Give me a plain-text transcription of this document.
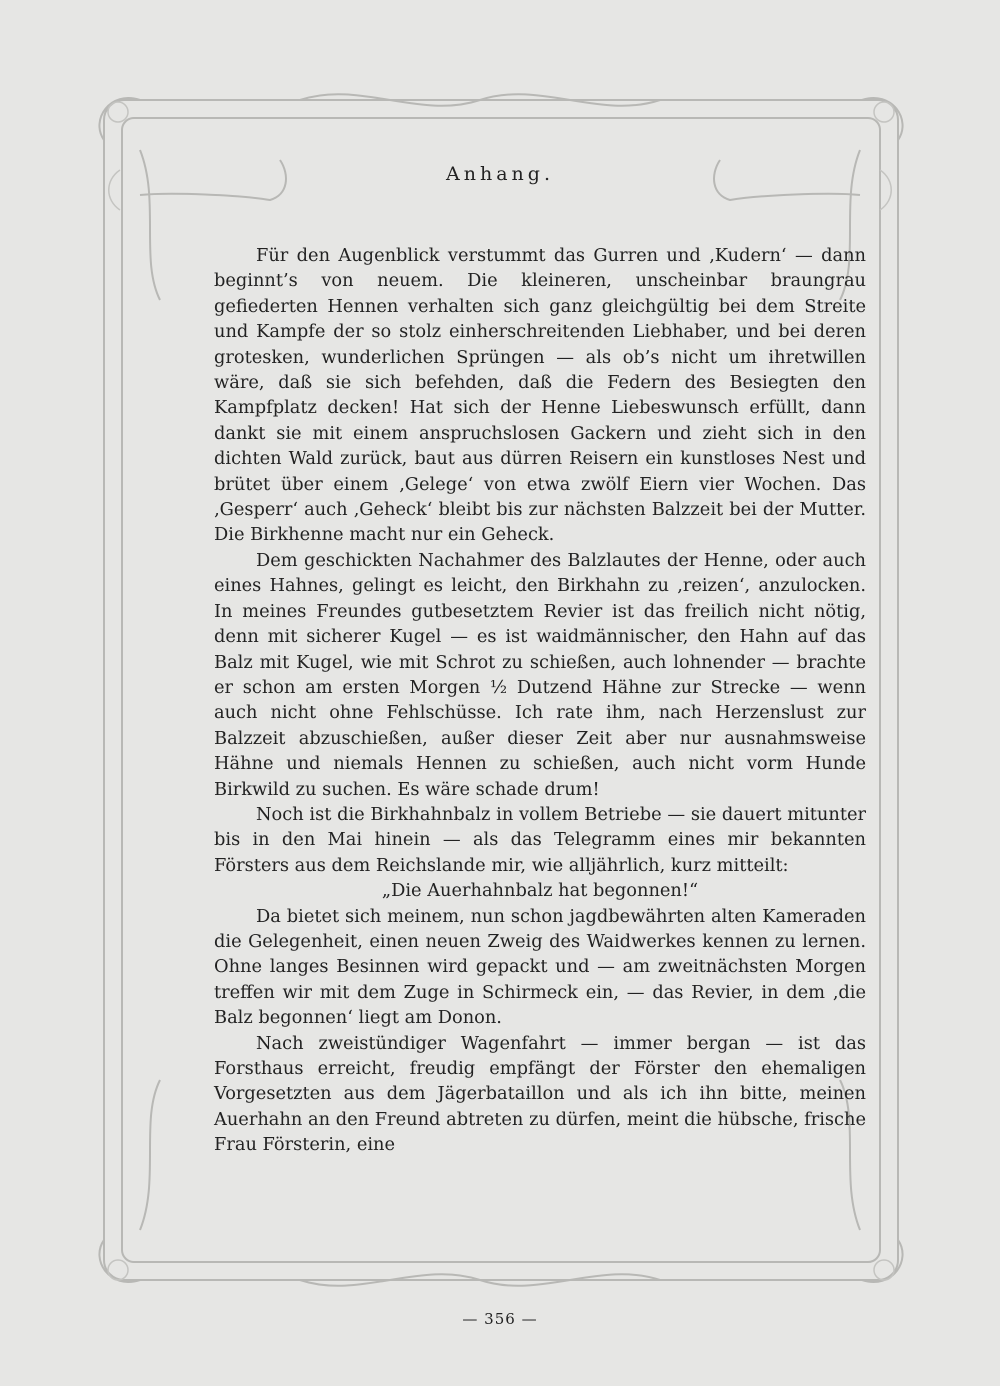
Anhang.

Für den Augenblick verstummt das Gurren und ‚Kudern‘ — dann beginnt’s von neuem. Die kleineren, unscheinbar braungrau gefiederten Hennen verhalten sich ganz gleichgültig bei dem Streite und Kampfe der so stolz einherschreitenden Liebhaber, und bei deren grotesken, wunderlichen Sprüngen — als ob’s nicht um ihretwillen wäre, daß sie sich befehden, daß die Federn des Besiegten den Kampfplatz decken! Hat sich der Henne Liebeswunsch erfüllt, dann dankt sie mit einem anspruchslosen Gackern und zieht sich in den dichten Wald zurück, baut aus dürren Reisern ein kunstloses Nest und brütet über einem ‚Gelege‘ von etwa zwölf Eiern vier Wochen. Das ‚Gesperr‘ auch ‚Geheck‘ bleibt bis zur nächsten Balzzeit bei der Mutter. Die Birkhenne macht nur ein Geheck.

Dem geschickten Nachahmer des Balzlautes der Henne, oder auch eines Hahnes, gelingt es leicht, den Birkhahn zu ‚reizen‘, anzulocken. In meines Freundes gutbesetztem Revier ist das freilich nicht nötig, denn mit sicherer Kugel — es ist waidmännischer, den Hahn auf das Balz mit Kugel, wie mit Schrot zu schießen, auch lohnender — brachte er schon am ersten Morgen ½ Dutzend Hähne zur Strecke — wenn auch nicht ohne Fehlschüsse. Ich rate ihm, nach Herzenslust zur Balzzeit abzuschießen, außer dieser Zeit aber nur ausnahmsweise Hähne und niemals Hennen zu schießen, auch nicht vorm Hunde Birkwild zu suchen. Es wäre schade drum!

Noch ist die Birkhahnbalz in vollem Betriebe — sie dauert mitunter bis in den Mai hinein — als das Telegramm eines mir bekannten Försters aus dem Reichslande mir, wie alljährlich, kurz mitteilt:

„Die Auerhahnbalz hat begonnen!“

Da bietet sich meinem, nun schon jagdbewährten alten Kameraden die Gelegenheit, einen neuen Zweig des Waidwerkes kennen zu lernen. Ohne langes Besinnen wird gepackt und — am zweitnächsten Morgen treffen wir mit dem Zuge in Schirmeck ein, — das Revier, in dem ‚die Balz begonnen‘ liegt am Donon.

Nach zweistündiger Wagenfahrt — immer bergan — ist das Forsthaus erreicht, freudig empfängt der Förster den ehemaligen Vorgesetzten aus dem Jägerbataillon und als ich ihn bitte, meinen Auerhahn an den Freund abtreten zu dürfen, meint die hübsche, frische Frau Försterin, eine

— 356 —
